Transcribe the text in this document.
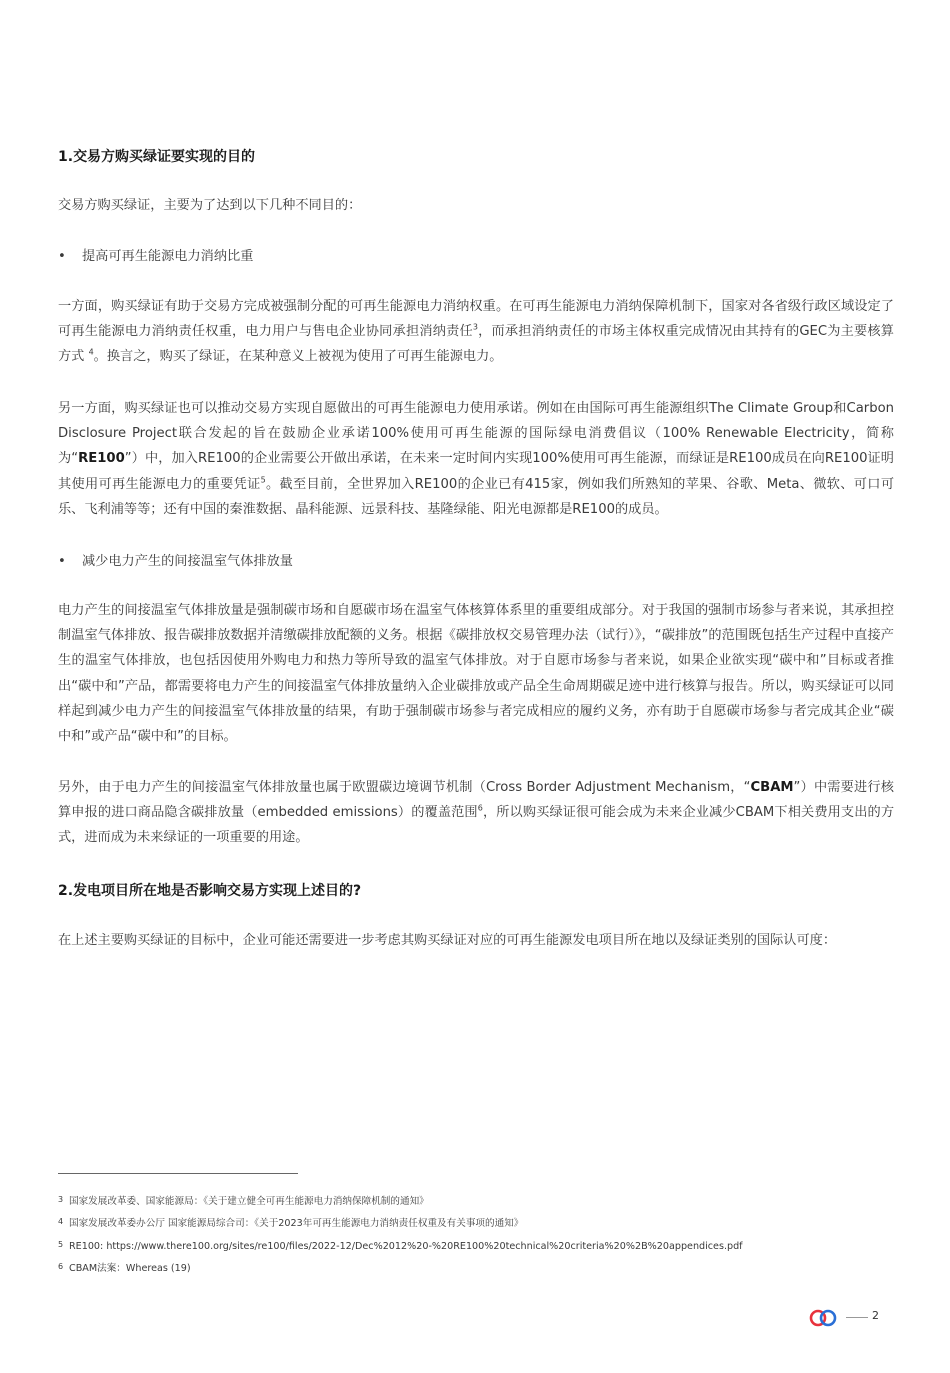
1.交易方购买绿证要实现的目的

交易方购买绿证，主要为了达到以下几种不同目的：

• 提高可再生能源电力消纳比重

一方面，购买绿证有助于交易方完成被强制分配的可再生能源电力消纳权重。在可再生能源电力消纳保障机制下，国家对各省级行政区域设定了可再生能源电力消纳责任权重，电力用户与售电企业协同承担消纳责任$^3$，而承担消纳责任的市场主体权重完成情况由其持有的GEC为主要核算方式 $^4$。换言之，购买了绿证，在某种意义上被视为使用了可再生能源电力。

另一方面，购买绿证也可以推动交易方实现自愿做出的可再生能源电力使用承诺。例如在由国际可再生能源组织The Climate Group和Carbon Disclosure Project联合发起的旨在鼓励企业承诺100%使用可再生能源的国际绿电消费倡议（100% Renewable Electricity，简称为“RE100”）中，加入RE100的企业需要公开做出承诺，在未来一定时间内实现100%使用可再生能源，而绿证是RE100成员在向RE100证明其使用可再生能源电力的重要凭证$^5$。截至目前，全世界加入RE100的企业已有415家，例如我们所熟知的苹果、谷歌、Meta、微软、可口可乐、飞利浦等等；还有中国的秦淮数据、晶科能源、远景科技、基隆绿能、阳光电源都是RE100的成员。

• 减少电力产生的间接温室气体排放量

电力产生的间接温室气体排放量是强制碳市场和自愿碳市场在温室气体核算体系里的重要组成部分。对于我国的强制市场参与者来说，其承担控制温室气体排放、报告碳排放数据并清缴碳排放配额的义务。根据《碳排放权交易管理办法（试行）》，“碳排放”的范围既包括生产过程中直接产生的温室气体排放，也包括因使用外购电力和热力等所导致的温室气体排放。对于自愿市场参与者来说，如果企业欲实现“碳中和”目标或者推出“碳中和”产品，都需要将电力产生的间接温室气体排放量纳入企业碳排放或产品全生命周期碳足迹中进行核算与报告。所以，购买绿证可以同样起到减少电力产生的间接温室气体排放量的结果，有助于强制碳市场参与者完成相应的履约义务，亦有助于自愿碳市场参与者完成其企业“碳中和”或产品“碳中和”的目标。

另外，由于电力产生的间接温室气体排放量也属于欧盟碳边境调节机制（Cross Border Adjustment Mechanism，“CBAM”）中需要进行核算申报的进口商品隐含碳排放量（embedded emissions）的覆盖范围$^6$，所以购买绿证很可能会成为未来企业减少CBAM下相关费用支出的方式，进而成为未来绿证的一项重要的用途。

2.发电项目所在地是否影响交易方实现上述目的?

在上述主要购买绿证的目标中，企业可能还需要进一步考虑其购买绿证对应的可再生能源发电项目所在地以及绿证类别的国际认可度：

3 国家发展改革委、国家能源局：《关于建立健全可再生能源电力消纳保障机制的通知》
4 国家发展改革委办公厅 国家能源局综合司：《关于2023年可再生能源电力消纳责任权重及有关事项的通知》
5 RE100: https://www.there100.org/sites/re100/files/2022-12/Dec%2012%20-%20RE100%20technical%20criteria%20%2B%20appendices.pdf
6 CBAM法案：Whereas (19)
2
